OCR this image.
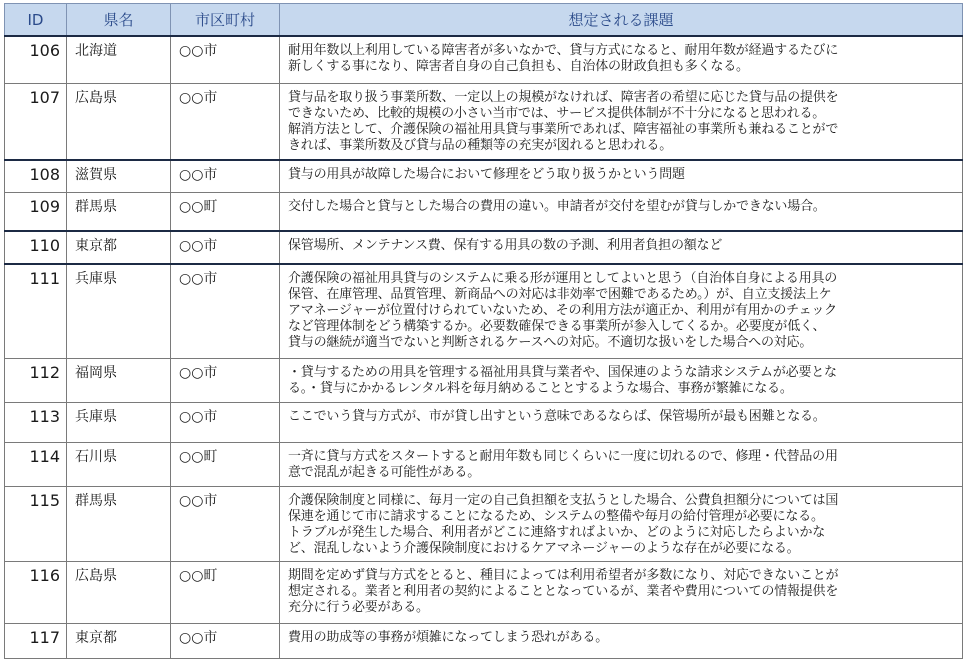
ID	県名	市区町村	想定される課題
106	北海道	○○市	耐用年数以上利用している障害者が多いなかで、貸与方式になると、耐用年数が経過するたびに
新しくする事になり、障害者自身の自己負担も、自治体の財政負担も多くなる。

107	広島県	○○市	貸与品を取り扱う事業所数、一定以上の規模がなければ、障害者の希望に応じた貸与品の提供を
できないため、比較的規模の小さい当市では、サービス提供体制が不十分になると思われる。
解消方法として、介護保険の福祉用具貸与事業所であれば、障害福祉の事業所も兼ねることがで
きれば、事業所数及び貸与品の種類等の充実が図れると思われる。

108	滋賀県	○○市	貸与の用具が故障した場合において修理をどう取り扱うかという問題

109	群馬県	○○町	交付した場合と貸与とした場合の費用の違い。申請者が交付を望むが貸与しかできない場合。

110	東京都	○○市	保管場所、メンテナンス費、保有する用具の数の予測、利用者負担の額など

111	兵庫県	○○市	介護保険の福祉用具貸与のシステムに乗る形が運用としてよいと思う（自治体自身による用具の
保管、在庫管理、品質管理、新商品への対応は非効率で困難であるため。）が、自立支援法上ケ
アマネージャーが位置付けられていないため、その利用方法が適正か、利用が有用かのチェック
など管理体制をどう構築するか。必要数確保できる事業所が参入してくるか。必要度が低く、
貸与の継続が適当でないと判断されるケースへの対応。不適切な扱いをした場合への対応。

112	福岡県	○○市	・貸与するための用具を管理する福祉用具貸与業者や、国保連のような請求システムが必要とな
る。・貸与にかかるレンタル料を毎月納めることとするような場合、事務が繁雑になる。

113	兵庫県	○○市	ここでいう貸与方式が、市が貸し出すという意味であるならば、保管場所が最も困難となる。

114	石川県	○○町	一斉に貸与方式をスタートすると耐用年数も同じくらいに一度に切れるので、修理・代替品の用
意で混乱が起きる可能性がある。

115	群馬県	○○市	介護保険制度と同様に、毎月一定の自己負担額を支払うとした場合、公費負担額分については国
保連を通じて市に請求することになるため、システムの整備や毎月の給付管理が必要になる。
トラブルが発生した場合、利用者がどこに連絡すればよいか、どのように対応したらよいかな
ど、混乱しないよう介護保険制度におけるケアマネージャーのような存在が必要になる。

116	広島県	○○町	期間を定めず貸与方式をとると、種目によっては利用希望者が多数になり、対応できないことが
想定される。業者と利用者の契約によることとなっているが、業者や費用についての情報提供を
充分に行う必要がある。

117	東京都	○○市	費用の助成等の事務が煩雑になってしまう恐れがある。
